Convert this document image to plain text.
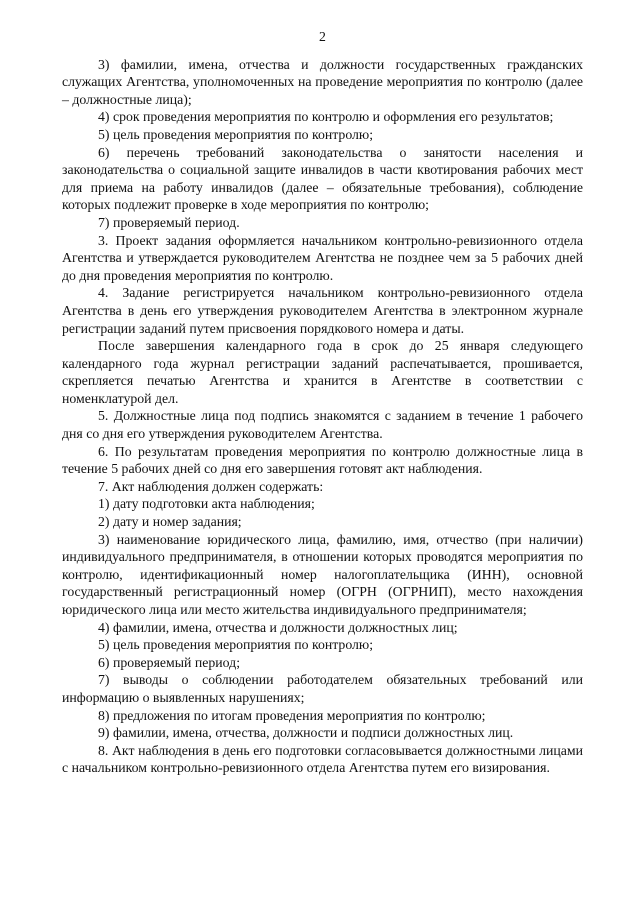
2

3) фамилии, имена, отчества и должности государственных гражданских служащих Агентства, уполномоченных на проведение мероприятия по контролю (далее – должностные лица);

4) срок проведения мероприятия по контролю и оформления его результатов;

5) цель проведения мероприятия по контролю;

6) перечень требований законодательства о занятости населения и законодательства о социальной защите инвалидов в части квотирования рабочих мест для приема на работу инвалидов (далее – обязательные требования), соблюдение которых подлежит проверке в ходе мероприятия по контролю;

7) проверяемый период.

3. Проект задания оформляется начальником контрольно-ревизионного отдела Агентства и утверждается руководителем Агентства не позднее чем за 5 рабочих дней до дня проведения мероприятия по контролю.

4. Задание регистрируется начальником контрольно-ревизионного отдела Агентства в день его утверждения руководителем Агентства в электронном журнале регистрации заданий путем присвоения порядкового номера и даты.

После завершения календарного года в срок до 25 января следующего календарного года журнал регистрации заданий распечатывается, прошивается, скрепляется печатью Агентства и хранится в Агентстве в соответствии с номенклатурой дел.

5. Должностные лица под подпись знакомятся с заданием в течение 1 рабочего дня со дня его утверждения руководителем Агентства.

6. По результатам проведения мероприятия по контролю должностные лица в течение 5 рабочих дней со дня его завершения готовят акт наблюдения.

7. Акт наблюдения должен содержать:

1) дату подготовки акта наблюдения;

2) дату и номер задания;

3) наименование юридического лица, фамилию, имя, отчество (при наличии) индивидуального предпринимателя, в отношении которых проводятся мероприятия по контролю, идентификационный номер налогоплательщика (ИНН), основной государственный регистрационный номер (ОГРН (ОГРНИП), место нахождения юридического лица или место жительства индивидуального предпринимателя;

4) фамилии, имена, отчества и должности должностных лиц;

5) цель проведения мероприятия по контролю;

6) проверяемый период;

7) выводы о соблюдении работодателем обязательных требований или информацию о выявленных нарушениях;

8) предложения по итогам проведения мероприятия по контролю;

9) фамилии, имена, отчества, должности и подписи должностных лиц.

8. Акт наблюдения в день его подготовки согласовывается должностными лицами с начальником контрольно-ревизионного отдела Агентства путем его визирования.
